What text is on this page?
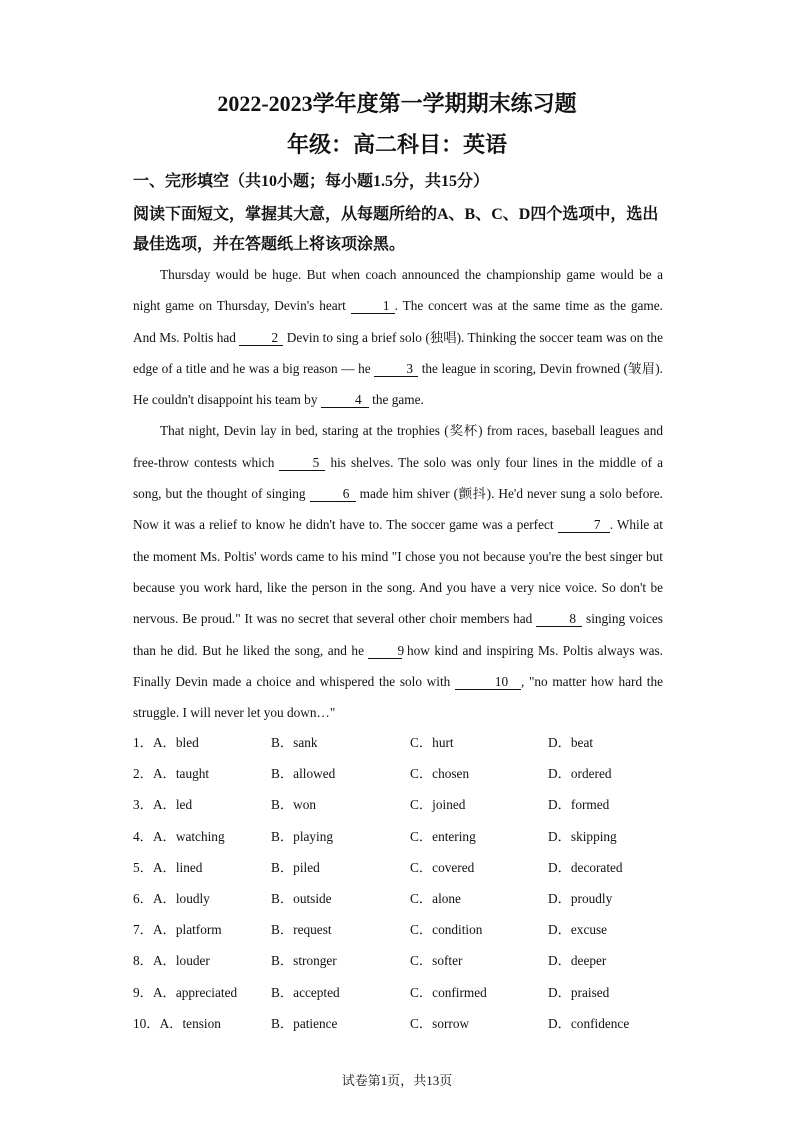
2022-2023学年度第一学期期末练习题
年级：高二科目：英语
一、完形填空（共10小题；每小题1.5分，共15分）
阅读下面短文，掌握其大意，从每题所给的A、B、C、D四个选项中，选出最佳选项，并在答题纸上将该项涂黑。

Thursday would be huge. But when coach announced the championship game would be a night game on Thursday, Devin's heart	1 . The concert was at the same time as the game. And Ms. Poltis had	2 Devin to sing a brief solo (独唱). Thinking the soccer team was on the edge of a title and he was a big reason — he	3 the league in scoring, Devin frowned (皱眉). He couldn't disappoint his team by	4 the game.

That night, Devin lay in bed, staring at the trophies (奖杯) from races, baseball leagues and free-throw contests which	5 his shelves. The solo was only four lines in the middle of a song, but the thought of singing	6 made him shiver (颤抖). He'd never sung a solo before. Now it was a relief to know he didn't have to. The soccer game was a perfect	7 . While at the moment Ms. Poltis' words came to his mind "I chose you not because you're the best singer but because you work hard, like the person in the song. And you have a very nice voice. So don't be nervous. Be proud." It was no secret that several other choir members had	8 singing voices than he did. But he liked the song, and he	9 how kind and inspiring Ms. Poltis always was. Finally Devin made a choice and whispered the solo with	10 , "no matter how hard the struggle. I will never let you down…"

1．A．bled	B．sank	C．hurt	D．beat
2．A．taught	B．allowed	C．chosen	D．ordered
3．A．led	B．won	C．joined	D．formed
4．A．watching	B．playing	C．entering	D．skipping
5．A．lined	B．piled	C．covered	D．decorated
6．A．loudly	B．outside	C．alone	D．proudly
7．A．platform	B．request	C．condition	D．excuse
8．A．louder	B．stronger	C．softer	D．deeper
9．A．appreciated	B．accepted	C．confirmed	D．praised
10．A．tension	B．patience	C．sorrow	D．confidence
试卷第1页，共13页
